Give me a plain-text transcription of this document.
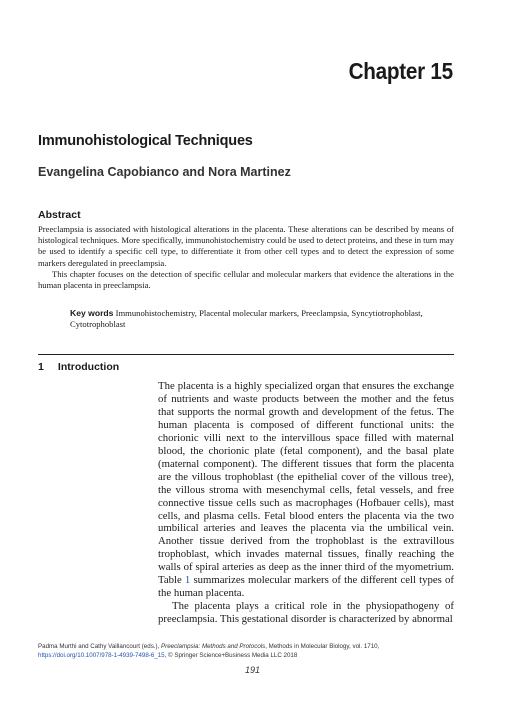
Chapter 15
Immunohistological Techniques
Evangelina Capobianco and Nora Martinez
Abstract

Preeclampsia is associated with histological alterations in the placenta. These alterations can be described by means of histological techniques. More specifically, immunohistochemistry could be used to detect proteins, and these in turn may be used to identify a specific cell type, to differentiate it from other cell types and to detect the expression of some markers deregulated in preeclampsia.

This chapter focuses on the detection of specific cellular and molecular markers that evidence the alterations in the human placenta in preeclampsia.

Key words Immunohistochemistry, Placental molecular markers, Preeclampsia, Syncytiotrophoblast, Cytotrophoblast
1 Introduction

The placenta is a highly specialized organ that ensures the exchange of nutrients and waste products between the mother and the fetus that supports the normal growth and development of the fetus. The human placenta is composed of different functional units: the chorionic villi next to the intervillous space filled with maternal blood, the chorionic plate (fetal component), and the basal plate (maternal component). The different tissues that form the placenta are the villous trophoblast (the epithelial cover of the villous tree), the villous stroma with mesenchymal cells, fetal vessels, and free connective tissue cells such as macrophages (Hofbauer cells), mast cells, and plasma cells. Fetal blood enters the placenta via the two umbilical arteries and leaves the placenta via the umbilical vein. Another tissue derived from the trophoblast is the extravillous trophoblast, which invades maternal tissues, finally reaching the walls of spiral arteries as deep as the inner third of the myometrium. Table 1 summarizes molecular markers of the different cell types of the human placenta.

The placenta plays a critical role in the physiopathogeny of preeclampsia. This gestational disorder is characterized by abnormal

Padma Murthi and Cathy Vaillancourt (eds.), Preeclampsia: Methods and Protocols, Methods in Molecular Biology, vol. 1710,
https://doi.org/10.1007/978-1-4939-7498-6_15, © Springer Science+Business Media LLC 2018
191
